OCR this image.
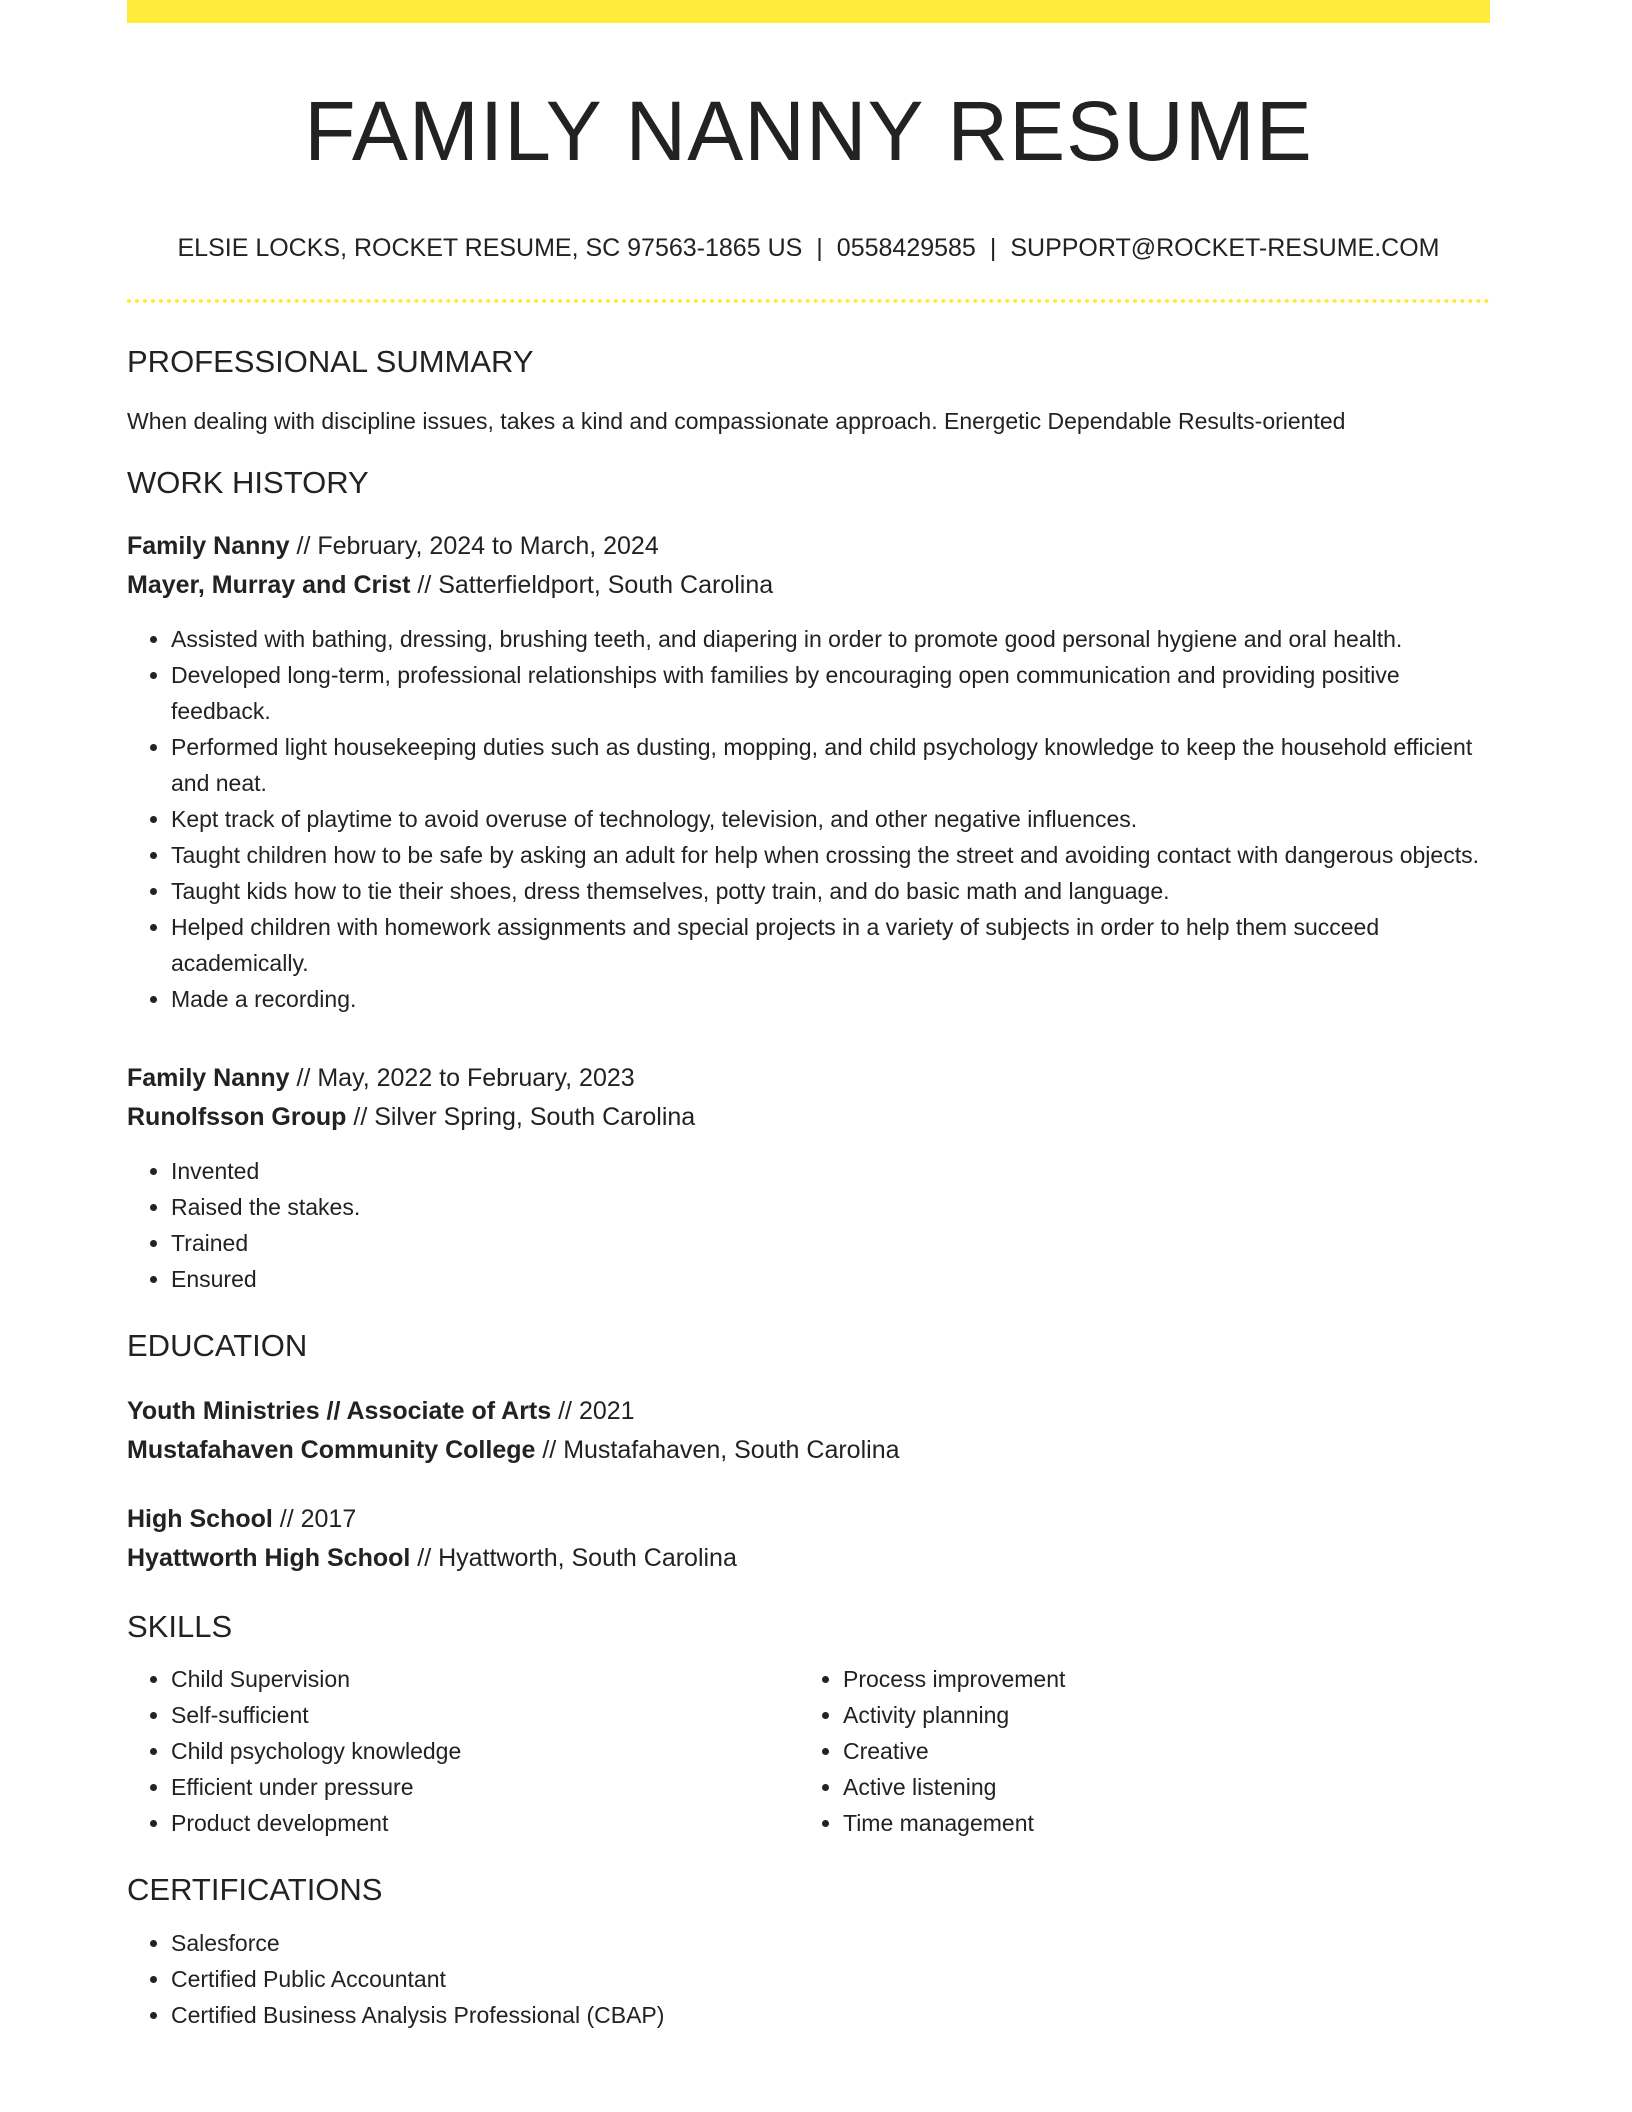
FAMILY NANNY RESUME
ELSIE LOCKS, ROCKET RESUME, SC 97563-1865 US | 0558429585 | SUPPORT@ROCKET-RESUME.COM
PROFESSIONAL SUMMARY

When dealing with discipline issues, takes a kind and compassionate approach. Energetic Dependable Results-oriented

WORK HISTORY
Family Nanny // February, 2024 to March, 2024
Mayer, Murray and Crist // Satterfieldport, South Carolina
• Assisted with bathing, dressing, brushing teeth, and diapering in order to promote good personal hygiene and oral health.
• Developed long-term, professional relationships with families by encouraging open communication and providing positive feedback.
• Performed light housekeeping duties such as dusting, mopping, and child psychology knowledge to keep the household efficient and neat.
• Kept track of playtime to avoid overuse of technology, television, and other negative influences.
• Taught children how to be safe by asking an adult for help when crossing the street and avoiding contact with dangerous objects.
• Taught kids how to tie their shoes, dress themselves, potty train, and do basic math and language.
• Helped children with homework assignments and special projects in a variety of subjects in order to help them succeed academically.
• Made a recording.
Family Nanny // May, 2022 to February, 2023
Runolfsson Group // Silver Spring, South Carolina
• Invented
• Raised the stakes.
• Trained
• Ensured
EDUCATION
Youth Ministries // Associate of Arts // 2021
Mustafahaven Community College // Mustafahaven, South Carolina
High School // 2017
Hyattworth High School // Hyattworth, South Carolina
SKILLS
• Child Supervision
• Self-sufficient
• Child psychology knowledge
• Efficient under pressure
• Product development
• Process improvement
• Activity planning
• Creative
• Active listening
• Time management
CERTIFICATIONS
• Salesforce
• Certified Public Accountant
• Certified Business Analysis Professional (CBAP)
